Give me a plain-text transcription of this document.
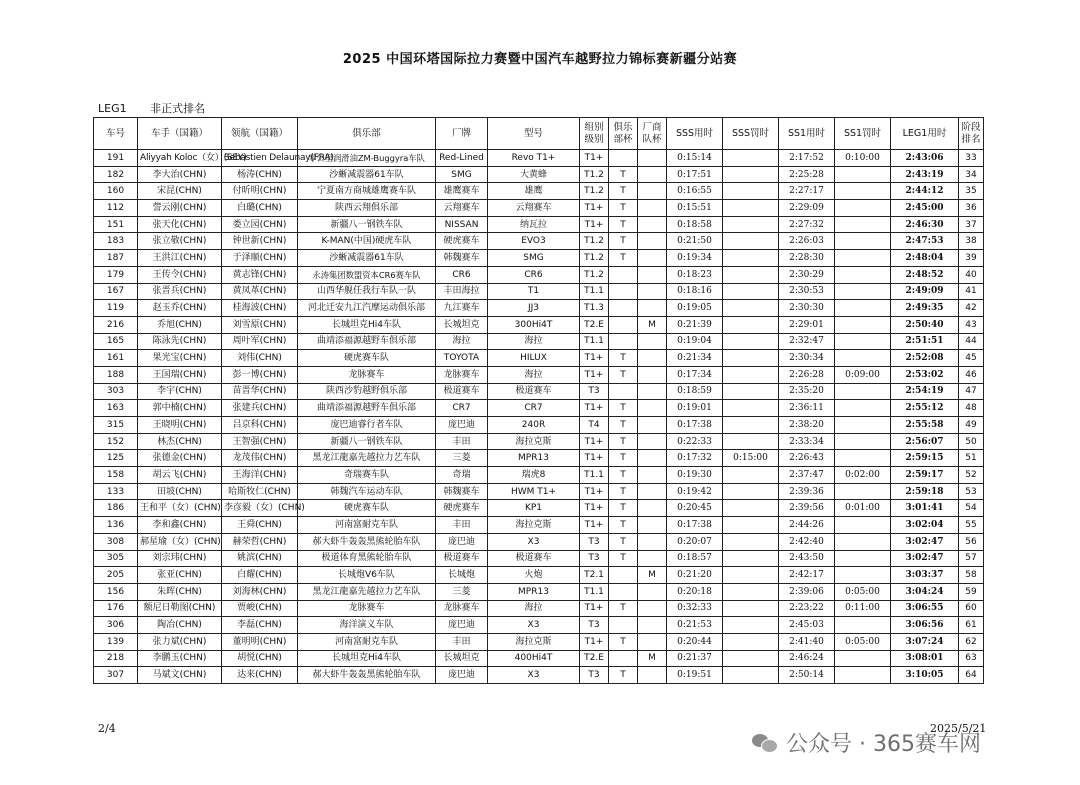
2025 中国环塔国际拉力赛暨中国汽车越野拉力锦标赛新疆分站赛
LEG1 非正式排名
车号	车手（国籍）	领航（国籍）	俱乐部	厂牌	型号	组别级别	俱乐部杯	厂商队杯	SSS用时	SSS罚时	SS1用时	SS1罚时	LEG1用时	阶段排名
191	Aliyyah Koloc（女）(SEY)	Sebastien Delaunay(FRA)	零公里润滑油ZM-Buggyra车队	Red-Lined	Revo T1+	T1+			0:15:14		2:17:52	0:10:00	2:43:06	33
182	李大治(CHN)	杨涛(CHN)	沙蜥减震器61车队	SMG	大黄蜂	T1.2	T		0:17:51		2:25:28		2:43:19	34
160	宋昆(CHN)	付昕明(CHN)	宁夏南方商城雄鹰赛车队	雄鹰赛车	雄鹰	T1.2	T		0:16:55		2:27:17		2:44:12	35
112	訾云刚(CHN)	白璐(CHN)	陕西云翔俱乐部	云翔赛车	云翔赛车	T1+	T		0:15:51		2:29:09		2:45:00	36
151	张天化(CHN)	娄立园(CHN)	新疆八一钢铁车队	NISSAN	纳瓦拉	T1+	T		0:18:58		2:27:32		2:46:30	37
183	张立敬(CHN)	钟世新(CHN)	K-MAN(中国)硬虎车队	硬虎赛车	EVO3	T1.2	T		0:21:50		2:26:03		2:47:53	38
187	王洪江(CHN)	于泽顺(CHN)	沙蜥减震器61车队	韩魏赛车	SMG	T1.2	T		0:19:34		2:28:30		2:48:04	39
179	王传令(CHN)	黄志锋(CHN)	永涛集团数盟资本CR6赛车队	CR6	CR6	T1.2			0:18:23		2:30:29		2:48:52	40
167	张晋兵(CHN)	黄凤革(CHN)	山西华舰任我行车队一队	丰田海拉	T1	T1.1			0:18:16		2:30:53		2:49:09	41
119	赵玉乔(CHN)	桂海波(CHN)	河北迁安九江汽摩运动俱乐部	九江赛车	JJ3	T1.3			0:19:05		2:30:30		2:49:35	42
216	乔旭(CHN)	刘雪原(CHN)	长城坦克Hi4车队	长城坦克	300Hi4T	T2.E		M	0:21:39		2:29:01		2:50:40	43
165	陈泳先(CHN)	周叶军(CHN)	曲靖添福源越野车俱乐部	海拉	海拉	T1.1			0:19:04		2:32:47		2:51:51	44
161	果光宝(CHN)	刘伟(CHN)	硬虎赛车队	TOYOTA	HILUX	T1+	T		0:21:34		2:30:34		2:52:08	45
188	王国瑞(CHN)	彭一博(CHN)	龙脉赛车	龙脉赛车	海拉	T1+	T		0:17:34		2:26:28	0:09:00	2:53:02	46
303	李宇(CHN)	苗晋华(CHN)	陕西沙豹越野俱乐部	极道赛车	极道赛车	T3			0:18:59		2:35:20		2:54:19	47
163	郭中楠(CHN)	张建兵(CHN)	曲靖添福源越野车俱乐部	CR7	CR7	T1+	T		0:19:01		2:36:11		2:55:12	48
315	王晓明(CHN)	吕京科(CHN)	庞巴迪睿行者车队	庞巴迪	240R	T4	T		0:17:38		2:38:20		2:55:58	49
152	林杰(CHN)	王智强(CHN)	新疆八一钢铁车队	丰田	海拉克斯	T1+	T		0:22:33		2:33:34		2:56:07	50
125	张德金(CHN)	龙茂伟(CHN)	黑龙江龍嘉先越拉力艺车队	三菱	MPR13	T1+	T		0:17:32	0:15:00	2:26:43		2:59:15	51
158	胡云飞(CHN)	王海洋(CHN)	奇瑞赛车队	奇瑞	瑞虎8	T1.1	T		0:19:30		2:37:47	0:02:00	2:59:17	52
133	田坡(CHN)	哈斯牧仁(CHN)	韩魏汽车运动车队	韩魏赛车	HWM T1+	T1+	T		0:19:42		2:39:36		2:59:18	53
186	王和平（女）(CHN)	李彦毅（女）(CHN)	硬虎赛车队	硬虎赛车	KP1	T1+	T		0:20:45		2:39:56	0:01:00	3:01:41	54
136	李和鑫(CHN)	王舜(CHN)	河南富耐克车队	丰田	海拉克斯	T1+	T		0:17:38		2:44:26		3:02:04	55
308	郝星瑜（女）(CHN)	赫荣哲(CHN)	郝大虾牛轰轰黑熊轮胎车队	庞巴迪	X3	T3	T		0:20:07		2:42:40		3:02:47	56
305	刘宗玮(CHN)	姚滨(CHN)	极道体育黑熊轮胎车队	极道赛车	极道赛车	T3	T		0:18:57		2:43:50		3:02:47	57
205	张亚(CHN)	白耀(CHN)	长城炮V6车队	长城炮	火炮	T2.1		M	0:21:20		2:42:17		3:03:37	58
156	朱晖(CHN)	刘海林(CHN)	黑龙江龍嘉先越拉力艺车队	三菱	MPR13	T1.1			0:20:18		2:39:06	0:05:00	3:04:24	59
176	额尼日勒图(CHN)	贾峻(CHN)	龙脉赛车	龙脉赛车	海拉	T1+	T		0:32:33		2:23:22	0:11:00	3:06:55	60
306	陶冶(CHN)	李磊(CHN)	海洋演义车队	庞巴迪	X3	T3			0:21:53		2:45:03		3:06:56	61
139	张力斌(CHN)	董明明(CHN)	河南富耐克车队	丰田	海拉克斯	T1+	T		0:20:44		2:41:40	0:05:00	3:07:24	62
218	李鹏玉(CHN)	胡悦(CHN)	长城坦克Hi4车队	长城坦克	400Hi4T	T2.E		M	0:21:37		2:46:24		3:08:01	63
307	马斌文(CHN)	达来(CHN)	郝大虾牛轰轰黑熊轮胎车队	庞巴迪	X3	T3	T		0:19:51		2:50:14		3:10:05	64
2/4	2025/5/21
公众号 · 365赛车网
